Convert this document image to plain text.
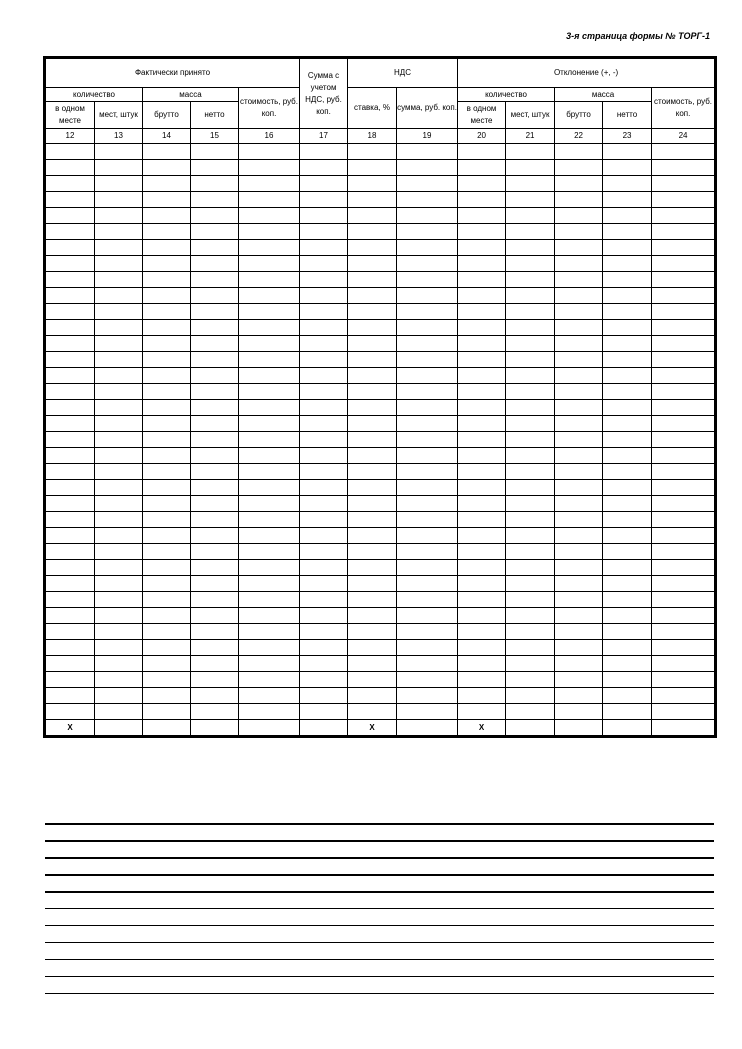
3-я страница формы № ТОРГ-1
Фактически принято					Сумма с учетом НДС, руб. коп.	НДС		Отклонение (+, -)				
количество		масса		стоимость, руб. коп.		ставка, %	сумма, руб. коп.	количество		масса		стоимость, руб. коп.
в одном месте	мест, штук	брутто	нетто					в одном месте	мест, штук	брутто	нетто	
12	13	14	15	16	17	18	19	20	21	22	23	24

Х						Х		Х				
